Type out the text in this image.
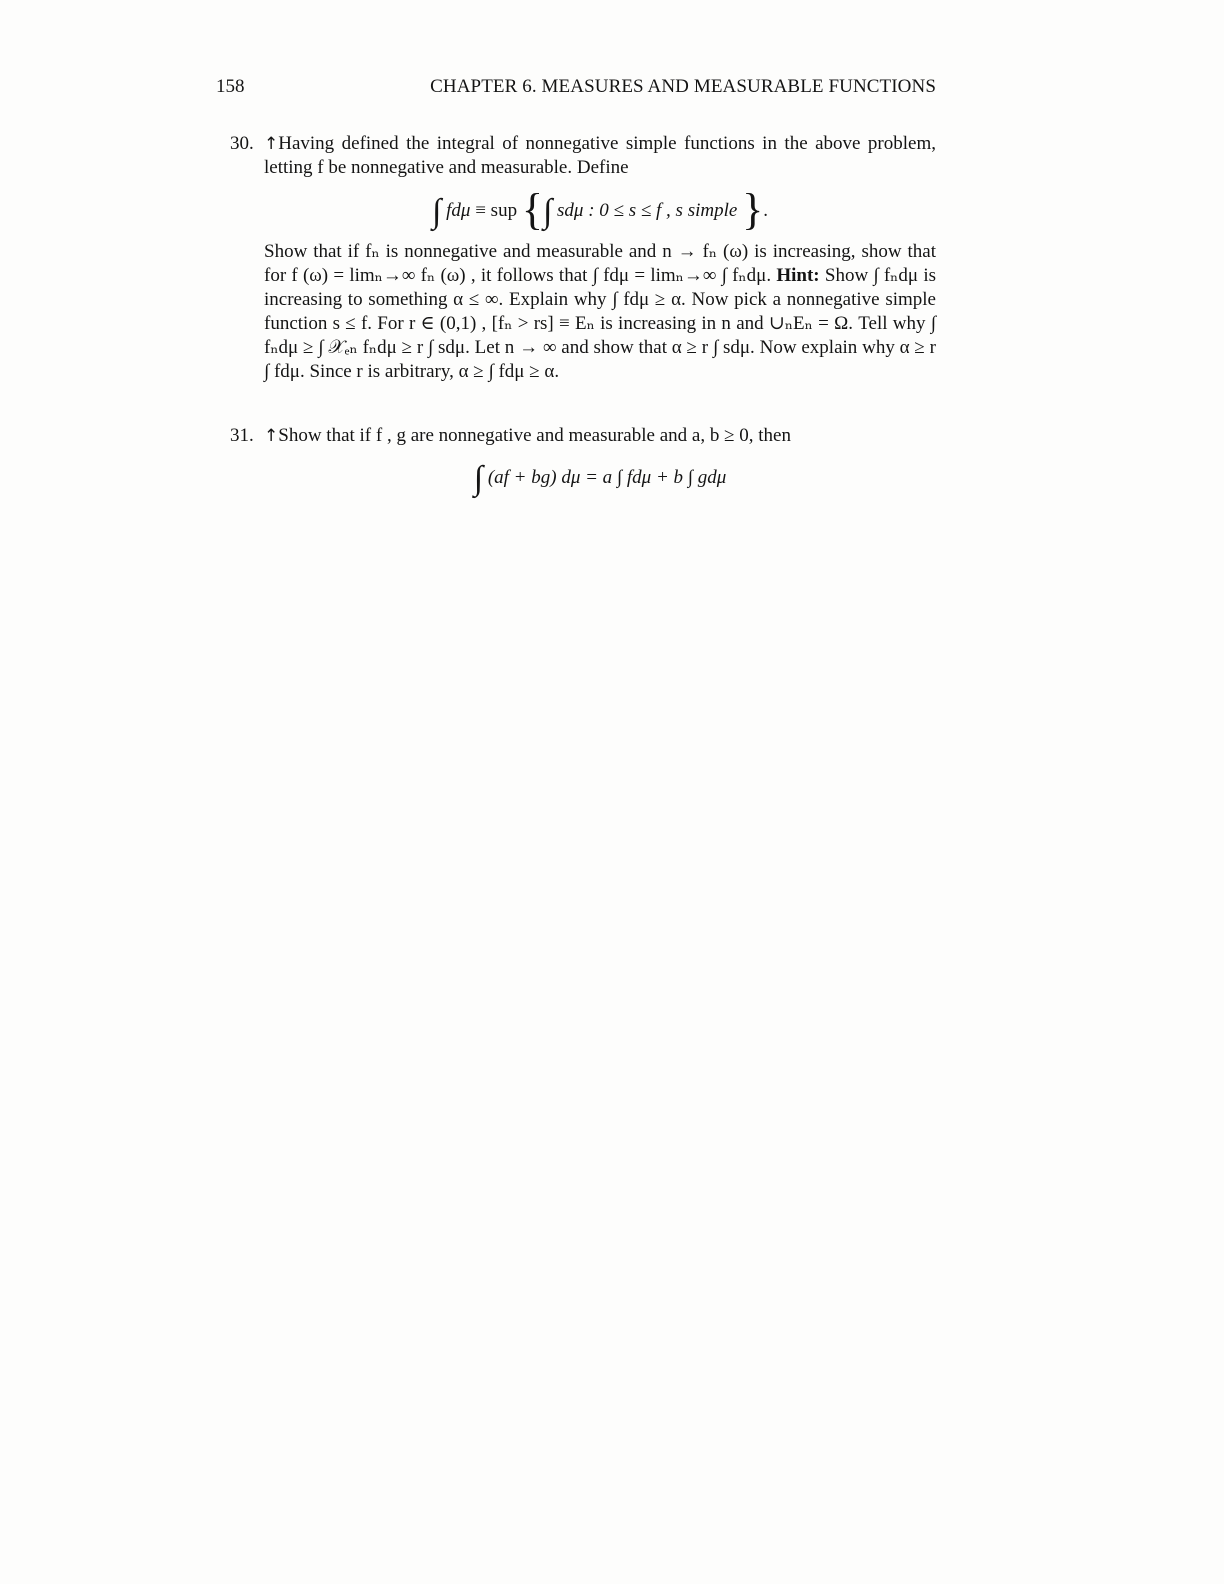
158	CHAPTER 6. MEASURES AND MEASURABLE FUNCTIONS
30. ↑Having defined the integral of nonnegative simple functions in the above problem, letting f be nonnegative and measurable. Define

∫ fdμ ≡ sup {∫ sdμ : 0 ≤ s ≤ f , s simple }.

Show that if fₙ is nonnegative and measurable and n → fₙ (ω) is increasing, show that for f (ω) = limₙ→∞ fₙ (ω) , it follows that ∫ fdμ = limₙ→∞ ∫ fₙdμ. Hint: Show ∫ fₙdμ is increasing to something α ≤ ∞. Explain why ∫ fdμ ≥ α. Now pick a nonnegative simple function s ≤ f. For r ∈ (0,1) , [fₙ > rs] ≡ Eₙ is increasing in n and ∪ₙEₙ = Ω. Tell why ∫ fₙdμ ≥ ∫ 𝒳ₑₙ fₙdμ ≥ r ∫ sdμ. Let n → ∞ and show that α ≥ r ∫ sdμ. Now explain why α ≥ r ∫ fdμ. Since r is arbitrary, α ≥ ∫ fdμ ≥ α.

31. ↑Show that if f , g are nonnegative and measurable and a, b ≥ 0, then

∫ (af + bg) dμ = a ∫ fdμ + b ∫ gdμ
